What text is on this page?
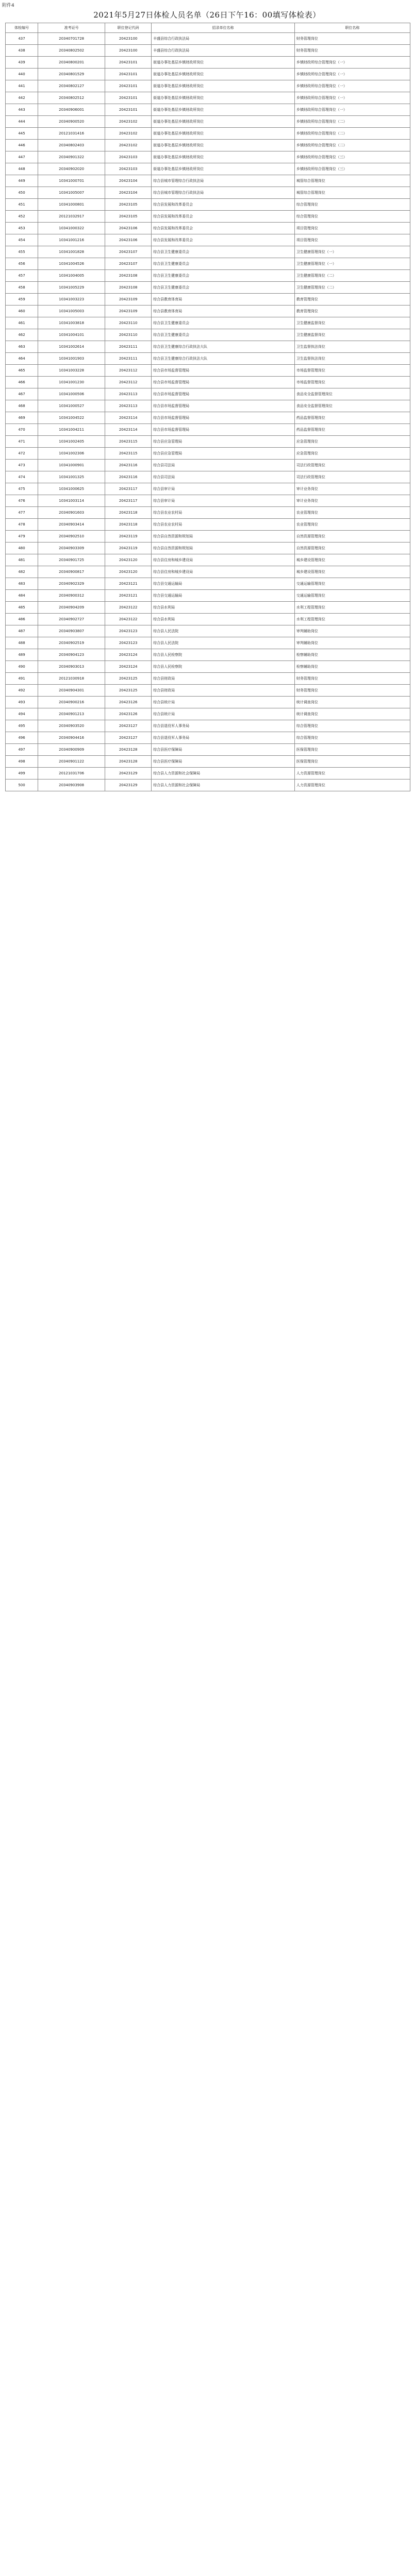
附件4
2021年5月27日体检人员名单（26日下午16：00填写体检表）
体检编号	准考证号	职位登记代码	招录单位名称	职位名称
437	20340701728	20423100	丰盛县综合行政执法局	财务管理岗位
438	20340802502	20423100	丰盛县综合行政执法局	财务管理岗位
439	20340800201	20423101	街道办事处基层乡镇财政所岗位	乡镇财政所综合管理岗位（一）
440	20340801529	20423101	街道办事处基层乡镇财政所岗位	乡镇财政所综合管理岗位（一）
441	20340802127	20423101	街道办事处基层乡镇财政所岗位	乡镇财政所综合管理岗位（一）
442	20340802512	20423101	街道办事处基层乡镇财政所岗位	乡镇财政所综合管理岗位（一）
443	20340906001	20423101	街道办事处基层乡镇财政所岗位	乡镇财政所综合管理岗位（一）
444	20340900520	20423102	街道办事处基层乡镇财政所岗位	乡镇财政所综合管理岗位（二）
445	20121031416	20423102	街道办事处基层乡镇财政所岗位	乡镇财政所综合管理岗位（二）
446	20340802403	20423102	街道办事处基层乡镇财政所岗位	乡镇财政所综合管理岗位（二）
447	20340901322	20423103	街道办事处基层乡镇财政所岗位	乡镇财政所综合管理岗位（三）
448	20340902020	20423103	街道办事处基层乡镇财政所岗位	乡镇财政所综合管理岗位（三）
449	10341000701	20423104	综合县城市管理综合行政执法局	城管综合管理岗位
450	10341005007	20423104	综合县城市管理综合行政执法局	城管综合管理岗位
451	10341000801	20423105	综合县发展和改革委员会	综合管理岗位
452	20121032917	20423105	综合县发展和改革委员会	综合管理岗位
453	10341000322	20423106	综合县发展和改革委员会	项目管理岗位
454	10341001216	20423106	综合县发展和改革委员会	项目管理岗位
455	10341001828	20423107	综合县卫生健康委员会	卫生健康管理岗位（一）
456	10341004526	20423107	综合县卫生健康委员会	卫生健康管理岗位（一）
457	10341004005	20423108	综合县卫生健康委员会	卫生健康管理岗位（二）
458	10341005229	20423108	综合县卫生健康委员会	卫生健康管理岗位（二）
459	10341003223	20423109	综合县教育体育局	教育管理岗位
460	10341005003	20423109	综合县教育体育局	教育管理岗位
461	10341003818	20423110	综合县卫生健康委员会	卫生健康监督岗位
462	10341004101	20423110	综合县卫生健康委员会	卫生健康监督岗位
463	10341002614	20423111	综合县卫生健康综合行政执法大队	卫生监督执法岗位
464	10341001903	20423111	综合县卫生健康综合行政执法大队	卫生监督执法岗位
465	10341003228	20423112	综合县市场监督管理局	市场监督管理岗位
466	10341001230	20423112	综合县市场监督管理局	市场监督管理岗位
467	10341000506	20423113	综合县市场监督管理局	食品安全监督管理岗位
468	10341000527	20423113	综合县市场监督管理局	食品安全监督管理岗位
469	10341004522	20423114	综合县市场监督管理局	药品监督管理岗位
470	10341004211	20423114	综合县市场监督管理局	药品监督管理岗位
471	10341002405	20423115	综合县应急管理局	应急管理岗位
472	10341002306	20423115	综合县应急管理局	应急管理岗位
473	10341000901	20423116	综合县司法局	司法行政管理岗位
474	10341001325	20423116	综合县司法局	司法行政管理岗位
475	10341000625	20423117	综合县审计局	审计业务岗位
476	10341003114	20423117	综合县审计局	审计业务岗位
477	20340901603	20423118	综合县农业农村局	农业管理岗位
478	20340903414	20423118	综合县农业农村局	农业管理岗位
479	20340902510	20423119	综合县自然资源和规划局	自然资源管理岗位
480	20340903309	20423119	综合县自然资源和规划局	自然资源管理岗位
481	20340901725	20423120	综合县住房和城乡建设局	城乡建设管理岗位
482	20340900817	20423120	综合县住房和城乡建设局	城乡建设管理岗位
483	20340902329	20423121	综合县交通运输局	交通运输管理岗位
484	20340900312	20423121	综合县交通运输局	交通运输管理岗位
485	20340904209	20423122	综合县水利局	水利工程管理岗位
486	20340902727	20423122	综合县水利局	水利工程管理岗位
487	20340903807	20423123	综合县人民法院	审判辅助岗位
488	20340902519	20423123	综合县人民法院	审判辅助岗位
489	20340904123	20423124	综合县人民检察院	检察辅助岗位
490	20340903013	20423124	综合县人民检察院	检察辅助岗位
491	20121030918	20423125	综合县财政局	财务管理岗位
492	20340904301	20423125	综合县财政局	财务管理岗位
493	20340900216	20423126	综合县统计局	统计调查岗位
494	20340901213	20423126	综合县统计局	统计调查岗位
495	20340903520	20423127	综合县退役军人事务局	综合管理岗位
496	20340904416	20423127	综合县退役军人事务局	综合管理岗位
497	20340900909	20423128	综合县医疗保障局	医保管理岗位
498	20340901122	20423128	综合县医疗保障局	医保管理岗位
499	20121031706	20423129	综合县人力资源和社会保障局	人力资源管理岗位
500	20340903908	20423129	综合县人力资源和社会保障局	人力资源管理岗位
